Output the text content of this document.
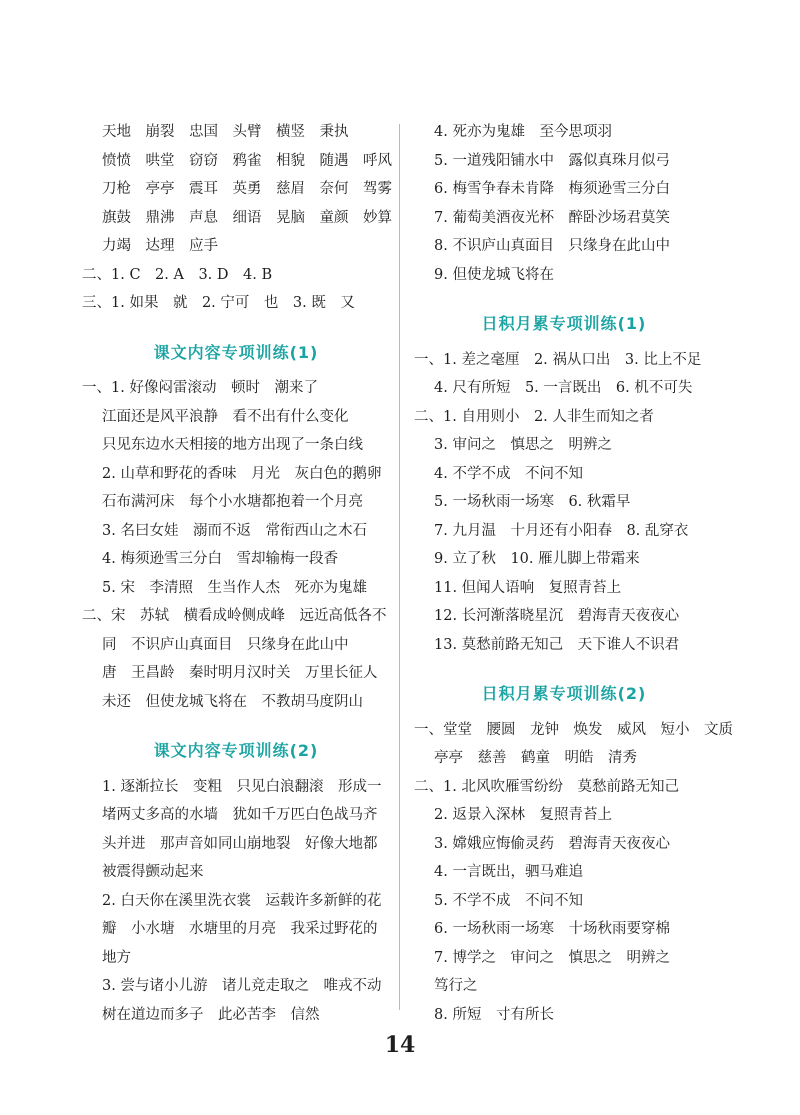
天地　崩裂　忠国　头臂　横竖　秉执
愤愤　哄堂　窃窃　鸦雀　相貌　随遇　呼风
刀枪　亭亭　震耳　英勇　慈眉　奈何　驾雾
旗鼓　鼎沸　声息　细语　晃脑　童颜　妙算
力竭　达理　应手
二、1. C　2. A　3. D　4. B
三、1. 如果　就　2. 宁可　也　3. 既　又
课文内容专项训练(1)
一、1. 好像闷雷滚动　顿时　潮来了
江面还是风平浪静　看不出有什么变化
只见东边水天相接的地方出现了一条白线
2. 山草和野花的香味　月光　灰白色的鹅卵
石布满河床　每个小水塘都抱着一个月亮
3. 名曰女娃　溺而不返　常衔西山之木石
4. 梅须逊雪三分白　雪却输梅一段香
5. 宋　李清照　生当作人杰　死亦为鬼雄
二、宋　苏轼　横看成岭侧成峰　远近高低各不
同　不识庐山真面目　只缘身在此山中
唐　王昌龄　秦时明月汉时关　万里长征人
未还　但使龙城飞将在　不教胡马度阴山
课文内容专项训练(2)
1. 逐渐拉长　变粗　只见白浪翻滚　形成一
堵两丈多高的水墙　犹如千万匹白色战马齐
头并进　那声音如同山崩地裂　好像大地都
被震得颤动起来
2. 白天你在溪里洗衣裳　运载许多新鲜的花
瓣　小水塘　水塘里的月亮　我采过野花的
地方
3. 尝与诸小儿游　诸儿竞走取之　唯戎不动
树在道边而多子　此必苦李　信然
4. 死亦为鬼雄　至今思项羽
5. 一道残阳铺水中　露似真珠月似弓
6. 梅雪争春未肯降　梅须逊雪三分白
7. 葡萄美酒夜光杯　醉卧沙场君莫笑
8. 不识庐山真面目　只缘身在此山中
9. 但使龙城飞将在
日积月累专项训练(1)
一、1. 差之毫厘　2. 祸从口出　3. 比上不足
4. 尺有所短　5. 一言既出　6. 机不可失
二、1. 自用则小　2. 人非生而知之者
3. 审问之　慎思之　明辨之
4. 不学不成　不问不知
5. 一场秋雨一场寒　6. 秋霜早
7. 九月温　十月还有小阳春　8. 乱穿衣
9. 立了秋　10. 雁儿脚上带霜来
11. 但闻人语响　复照青苔上
12. 长河渐落晓星沉　碧海青天夜夜心
13. 莫愁前路无知己　天下谁人不识君
日积月累专项训练(2)
一、堂堂　腰圆　龙钟　焕发　威风　短小　文质
亭亭　慈善　鹤童　明皓　清秀
二、1. 北风吹雁雪纷纷　莫愁前路无知己
2. 返景入深林　复照青苔上
3. 嫦娥应悔偷灵药　碧海青天夜夜心
4. 一言既出，驷马难追
5. 不学不成　不问不知
6. 一场秋雨一场寒　十场秋雨要穿棉
7. 博学之　审问之　慎思之　明辨之
笃行之
8. 所短　寸有所长
14
